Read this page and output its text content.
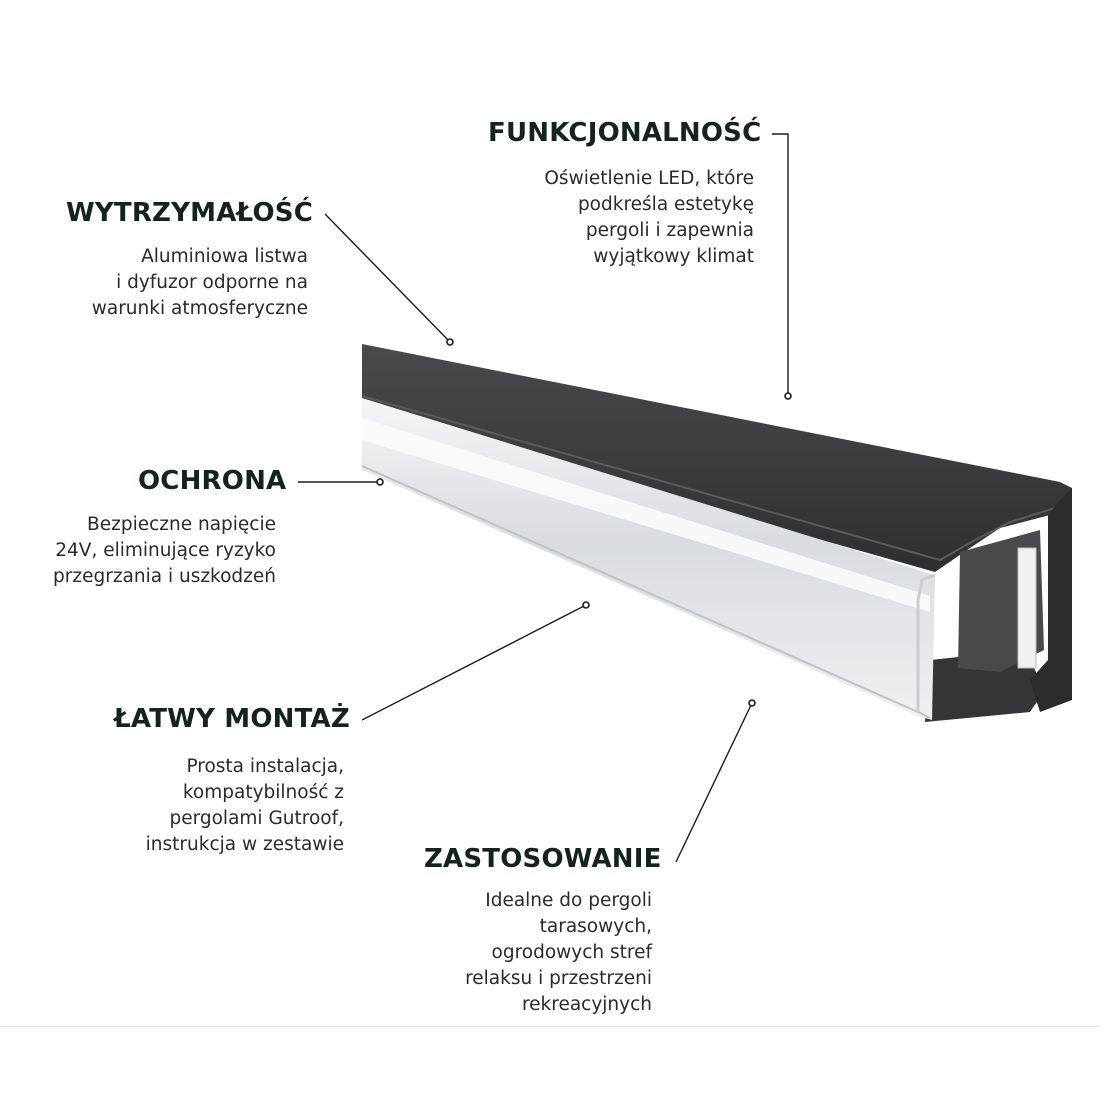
FUNKCJONALNOŚĆ

Oświetlenie LED, które
podkreśla estetykę
pergoli i zapewnia
wyjątkowy klimat

WYTRZYMAŁOŚĆ

Aluminiowa listwa
i dyfuzor odporne na
warunki atmosferyczne

OCHRONA

Bezpieczne napięcie
24V, eliminujące ryzyko
przegrzania i uszkodzeń

ŁATWY MONTAŻ

Prosta instalacja,
kompatybilność z
pergolami Gutroof,
instrukcja w zestawie	ZASTOSOWANIE

Idealne do pergoli
tarasowych,
ogrodowych stref
relaksu i przestrzeni
rekreacyjnych
